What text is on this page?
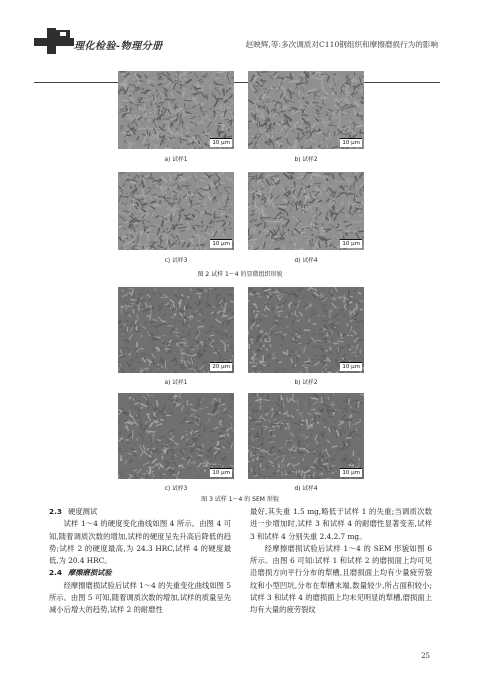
理化检验-物理分册	赵映辉,等:多次调质对C110钢组织和摩擦磨损行为的影响
10 μm	10 μm
10 μm	10 μm
a) 试样1	b) 试样2
c) 试样3	d) 试样4
图 2 试样 1～4 的显微组织形貌
20 μm	10 μm
10 μm	10 μm
a) 试样1	b) 试样2
c) 试样3	d) 试样4
图 3 试样 1～4 的 SEM 形貌
2.3 硬度测试

试样 1～4 的硬度变化曲线如图 4 所示。由图 4 可知,随着调质次数的增加,试样的硬度呈先升高后降低的趋势;试样 2 的硬度最高,为 24.3 HRC,试样 4 的硬度最低,为 20.4 HRC。

2.4 摩擦磨损试验

经摩擦磨损试验后试样 1～4 的失重变化曲线如图 5 所示。由图 5 可知,随着调质次数的增加,试样的质量呈先减小后增大的趋势,试样 2 的耐磨性

最好,其失重 1.5 mg,略低于试样 1 的失重;当调质次数进一步增加时,试样 3 和试样 4 的耐磨性显著变差,试样 3 和试样 4 分别失重 2.4,2.7 mg。

经摩擦磨损试验后试样 1～4 的 SEM 形貌如图 6 所示。由图 6 可知:试样 1 和试样 2 的磨损面上均可见沿磨损方向平行分布的犁槽,且磨损面上均有少量疲劳裂纹和小型凹坑,分布在犁槽末端,数量较少,所占面积较小;试样 3 和试样 4 的磨损面上均未见明显的犁槽,磨损面上均有大量的疲劳裂纹

25
